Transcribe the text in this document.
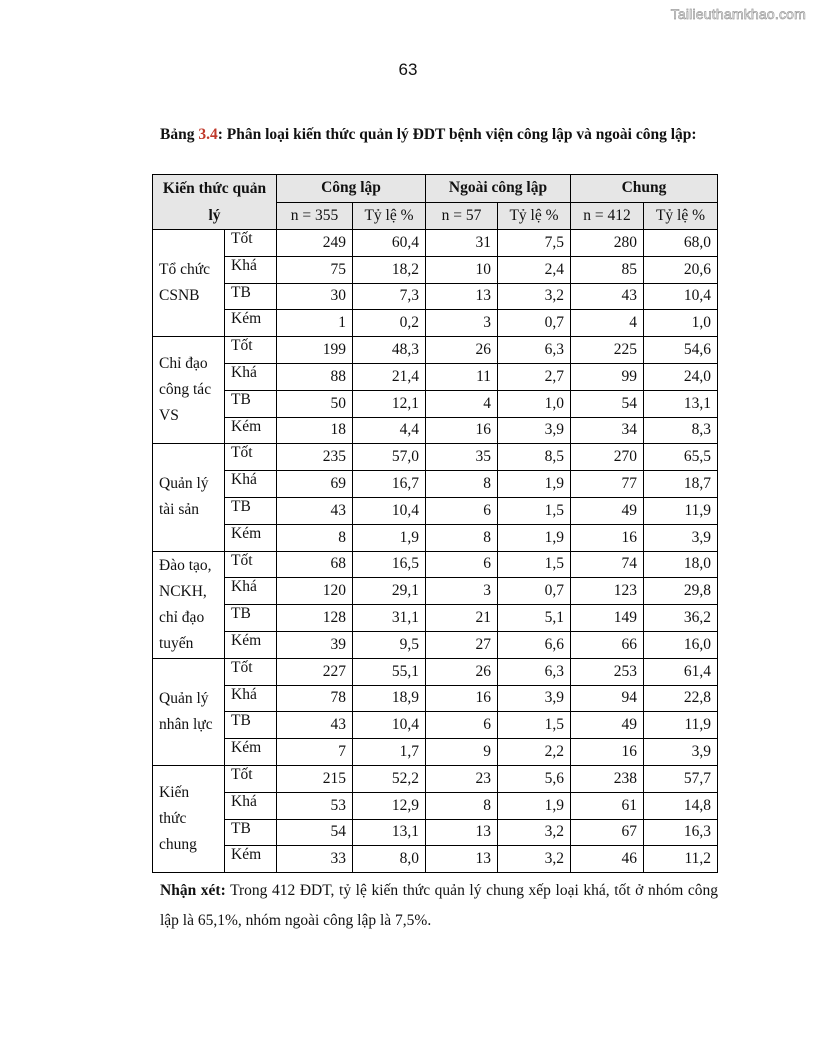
Tailieuthamkhao.com
63
Bảng 3.4: Phân loại kiến thức quản lý ĐDT bệnh viện công lập và ngoài công lập:
Kiến thức quản lý		Công lập		Ngoài công lập		Chung	
		n = 355	Tỷ lệ %	n = 57	Tỷ lệ %	n = 412	Tỷ lệ %
Tổ chức CSNB	Tốt	249	60,4	31	7,5	280	68,0
	Khá	75	18,2	10	2,4	85	20,6
	TB	30	7,3	13	3,2	43	10,4
	Kém	1	0,2	3	0,7	4	1,0
Chỉ đạo công tác VS	Tốt	199	48,3	26	6,3	225	54,6
	Khá	88	21,4	11	2,7	99	24,0
	TB	50	12,1	4	1,0	54	13,1
	Kém	18	4,4	16	3,9	34	8,3
Quản lý tài sản	Tốt	235	57,0	35	8,5	270	65,5
	Khá	69	16,7	8	1,9	77	18,7
	TB	43	10,4	6	1,5	49	11,9
	Kém	8	1,9	8	1,9	16	3,9
Đào tạo, NCKH, chỉ đạo tuyến	Tốt	68	16,5	6	1,5	74	18,0
	Khá	120	29,1	3	0,7	123	29,8
	TB	128	31,1	21	5,1	149	36,2
	Kém	39	9,5	27	6,6	66	16,0
Quản lý nhân lực	Tốt	227	55,1	26	6,3	253	61,4
	Khá	78	18,9	16	3,9	94	22,8
	TB	43	10,4	6	1,5	49	11,9
	Kém	7	1,7	9	2,2	16	3,9
Kiến thức chung	Tốt	215	52,2	23	5,6	238	57,7
	Khá	53	12,9	8	1,9	61	14,8
	TB	54	13,1	13	3,2	67	16,3
	Kém	33	8,0	13	3,2	46	11,2
Nhận xét: Trong 412 ĐDT, tỷ lệ kiến thức quản lý chung xếp loại khá, tốt ở nhóm công lập là 65,1%, nhóm ngoài công lập là 7,5%.
